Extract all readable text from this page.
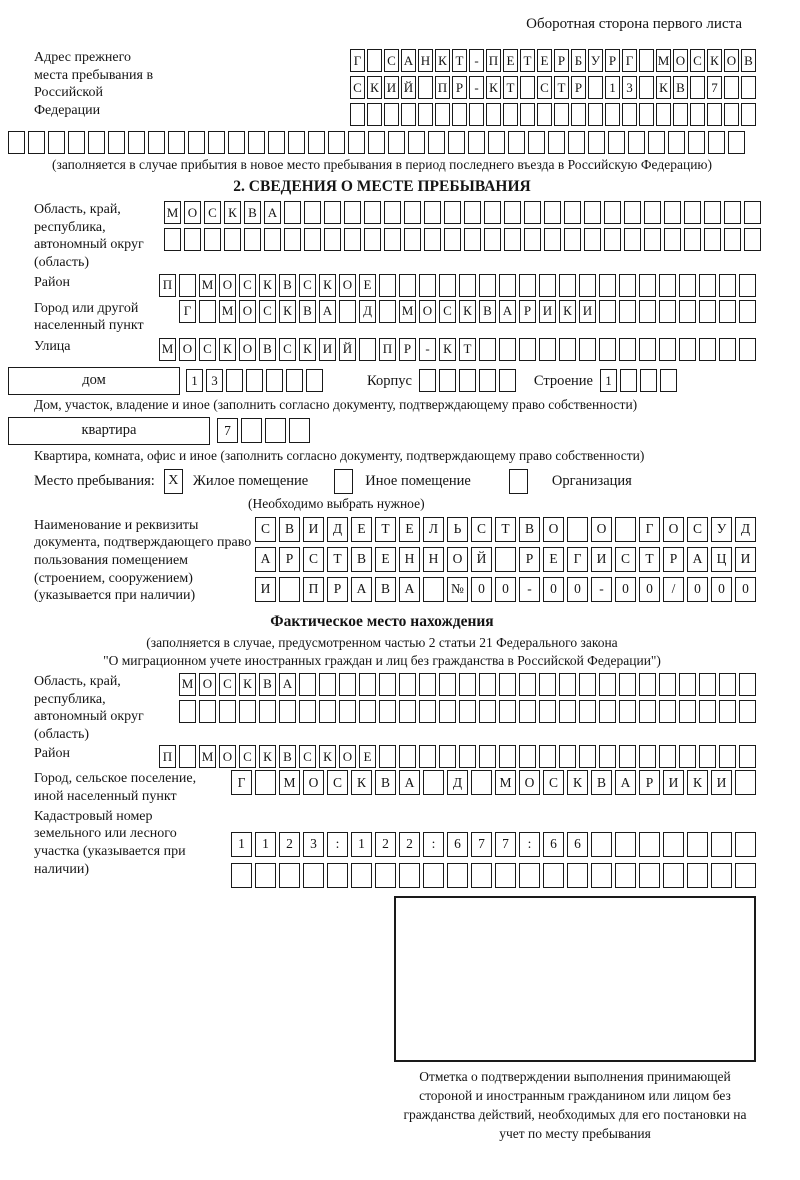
Оборотная сторона первого листа
Адрес прежнего места пребывания в Российской Федерации
Г С А Н К Т - П Е Т Е Р Б У Р Г М О С К О В
С К И Й П Р - К Т С Т Р	1 3	К В	7
(заполняется в случае прибытия в новое место пребывания в период последнего въезда в Российскую Федерацию)
2. СВЕДЕНИЯ О МЕСТЕ ПРЕБЫВАНИЯ
Область, край, республика, автономный округ (область)
М О С К В А
Район	П М О С К В С К О Е
Город или другой населенный пункт
Г	М О С К В А	Д	М О С К В А Р И К И
Улица	М О С К О В С К И Й П Р	-	К Т
дом	1	3	Корпус	Строение 1
Дом, участок, владение и иное (заполнить согласно документу, подтверждающему право собственности)
квартира	7
Квартира, комната, офис и иное (заполнить согласно документу, подтверждающему право собственности)
Место пребывания: X Жилое помещение	Иное помещение	Организация
(Необходимо выбрать нужное)
Наименование и реквизиты документа, подтверждающего право пользования помещением (строением, сооружением) (указывается при наличии)
С	В	И	Д	Е	Т	Е	Л	Ь	С	Т	В	О	О	Г	О	С	У	Д
А	Р	С	Т	В	Е	Н	Н	О	Й	Р	Е	Г	И	С	Т	Р	А	Ц	И
И	П	Р	А	В	А	№	0	0	-	0	0	-	0	0	/	0	0	0
Фактическое место нахождения
(заполняется в случае, предусмотренном частью 2 статьи 21 Федерального закона
"О миграционном учете иностранных граждан и лиц без гражданства в Российской Федерации")
Область, край, республика, автономный округ (область)
М О С К В А
Район	П М О С К В С К О Е
Город, сельское поселение, иной населенный пункт
Г	М О	С	К	В	А	Д	М О	С	К	В	А	Р	И	К	И
Кадастровый номер земельного или лесного участка (указывается при наличии)
1	1	2	3	:	1	2	2	:	6	7	7	:	6	6
Отметка о подтверждении выполнения принимающей стороной и иностранным гражданином или лицом без гражданства действий, необходимых для его постановки на учет по месту пребывания
